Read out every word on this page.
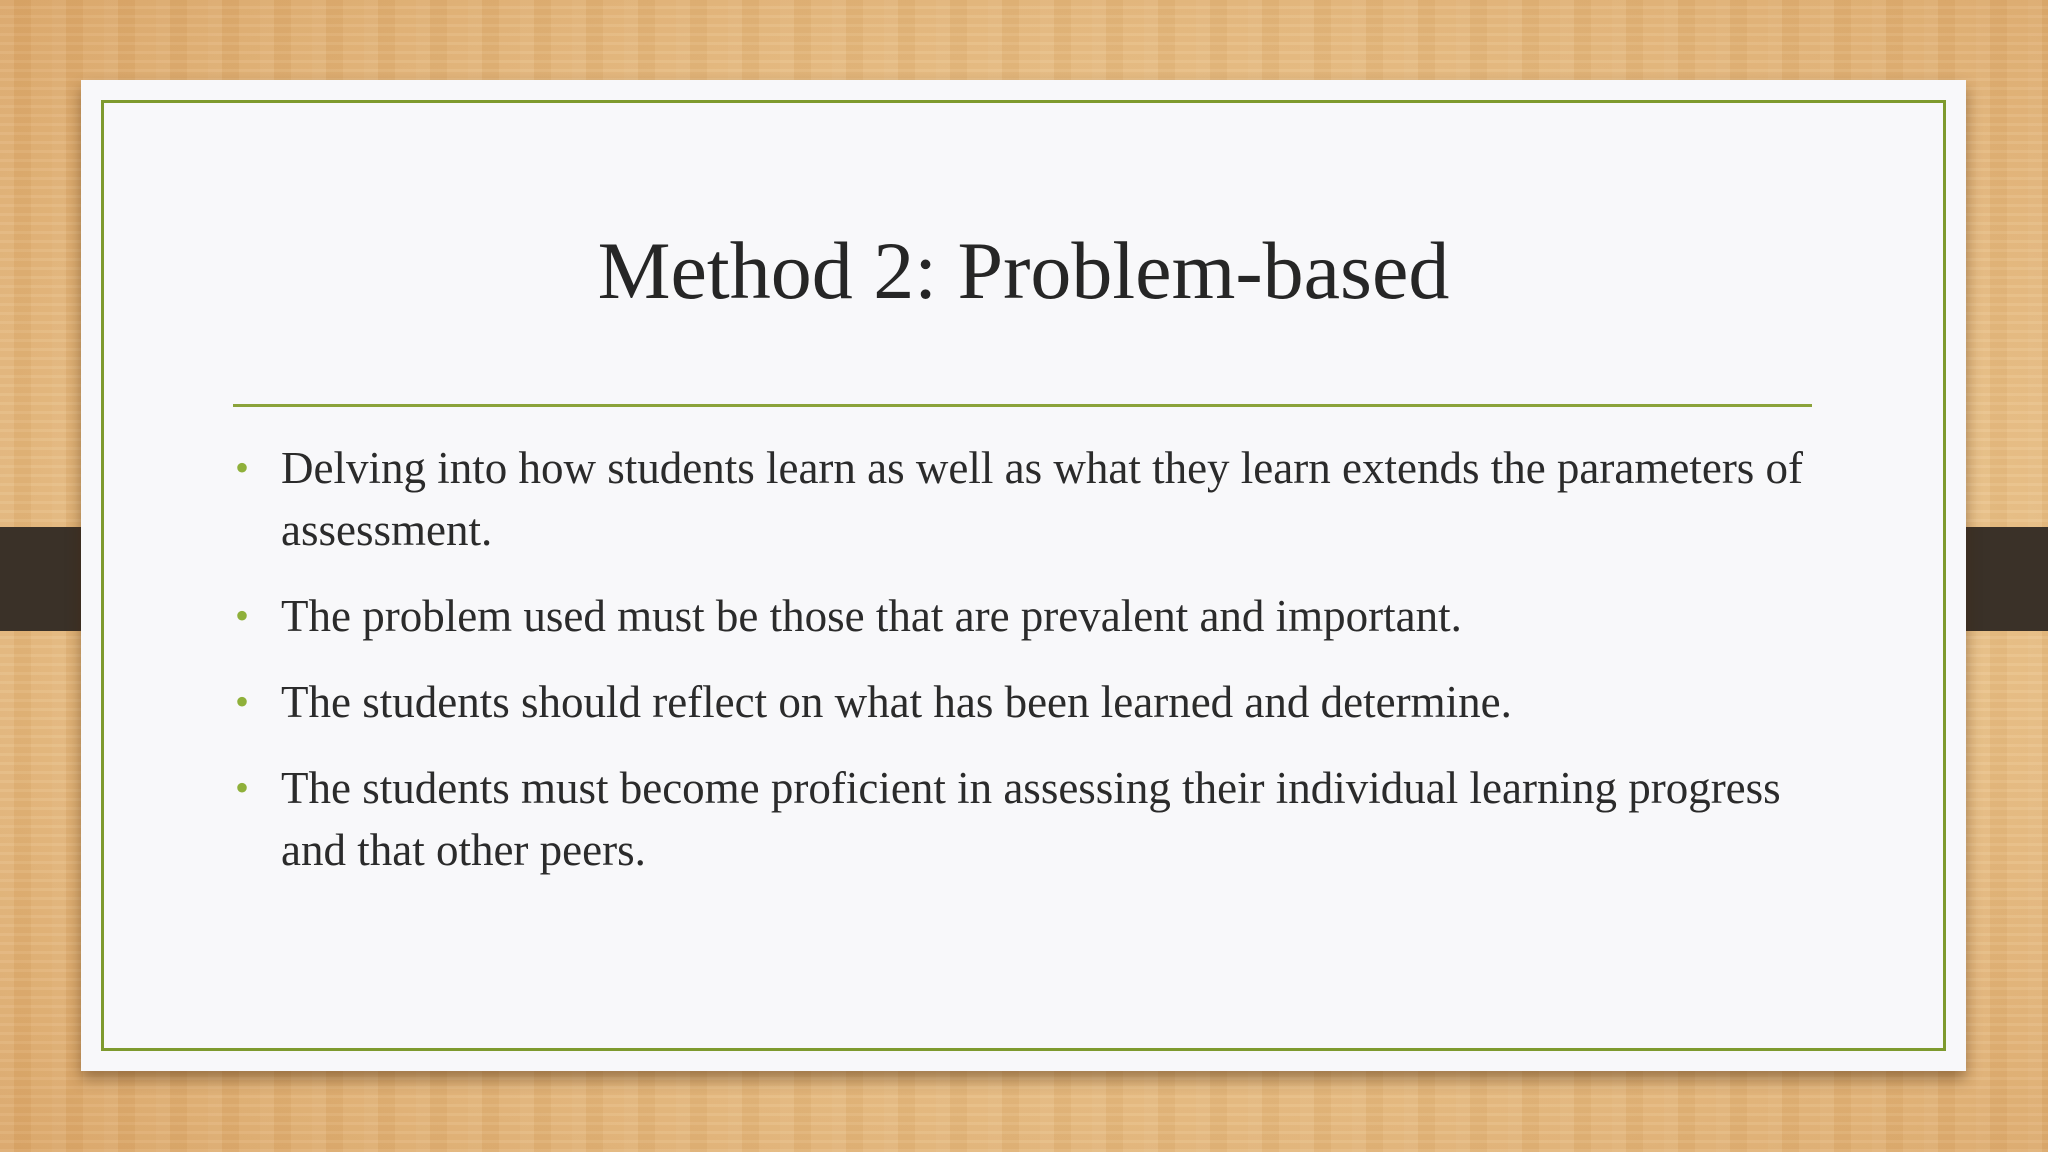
Method 2: Problem-based
• Delving into how students learn as well as what they learn extends the parameters of assessment.
• The problem used must be those that are prevalent and important.
• The students should reflect on what has been learned and determine.
• The students must become proficient in assessing their individual learning progress and that other peers.
